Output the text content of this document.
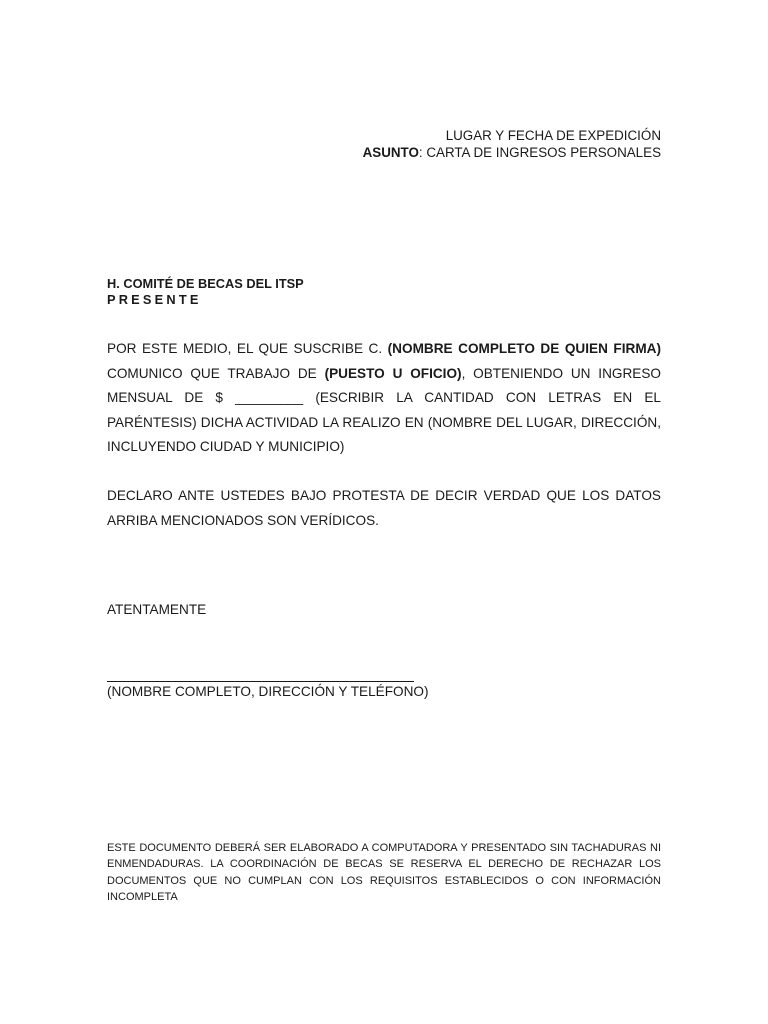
LUGAR Y FECHA DE EXPEDICIÓN
ASUNTO: CARTA DE INGRESOS PERSONALES
H. COMITÉ DE BECAS DEL ITSP
PRESENTE
POR ESTE MEDIO, EL QUE SUSCRIBE C. (NOMBRE COMPLETO DE QUIEN FIRMA) COMUNICO QUE TRABAJO DE (PUESTO U OFICIO), OBTENIENDO UN INGRESO MENSUAL DE $ _________ (ESCRIBIR LA CANTIDAD CON LETRAS EN EL PARÉNTESIS) DICHA ACTIVIDAD LA REALIZO EN (NOMBRE DEL LUGAR, DIRECCIÓN, INCLUYENDO CIUDAD Y MUNICIPIO)
DECLARO ANTE USTEDES BAJO PROTESTA DE DECIR VERDAD QUE LOS DATOS ARRIBA MENCIONADOS SON VERÍDICOS.
ATENTAMENTE
(NOMBRE COMPLETO, DIRECCIÓN Y TELÉFONO)
ESTE DOCUMENTO DEBERÁ SER ELABORADO A COMPUTADORA Y PRESENTADO SIN TACHADURAS NI ENMENDADURAS. LA COORDINACIÓN DE BECAS SE RESERVA EL DERECHO DE RECHAZAR LOS DOCUMENTOS QUE NO CUMPLAN CON LOS REQUISITOS ESTABLECIDOS O CON INFORMACIÓN INCOMPLETA
